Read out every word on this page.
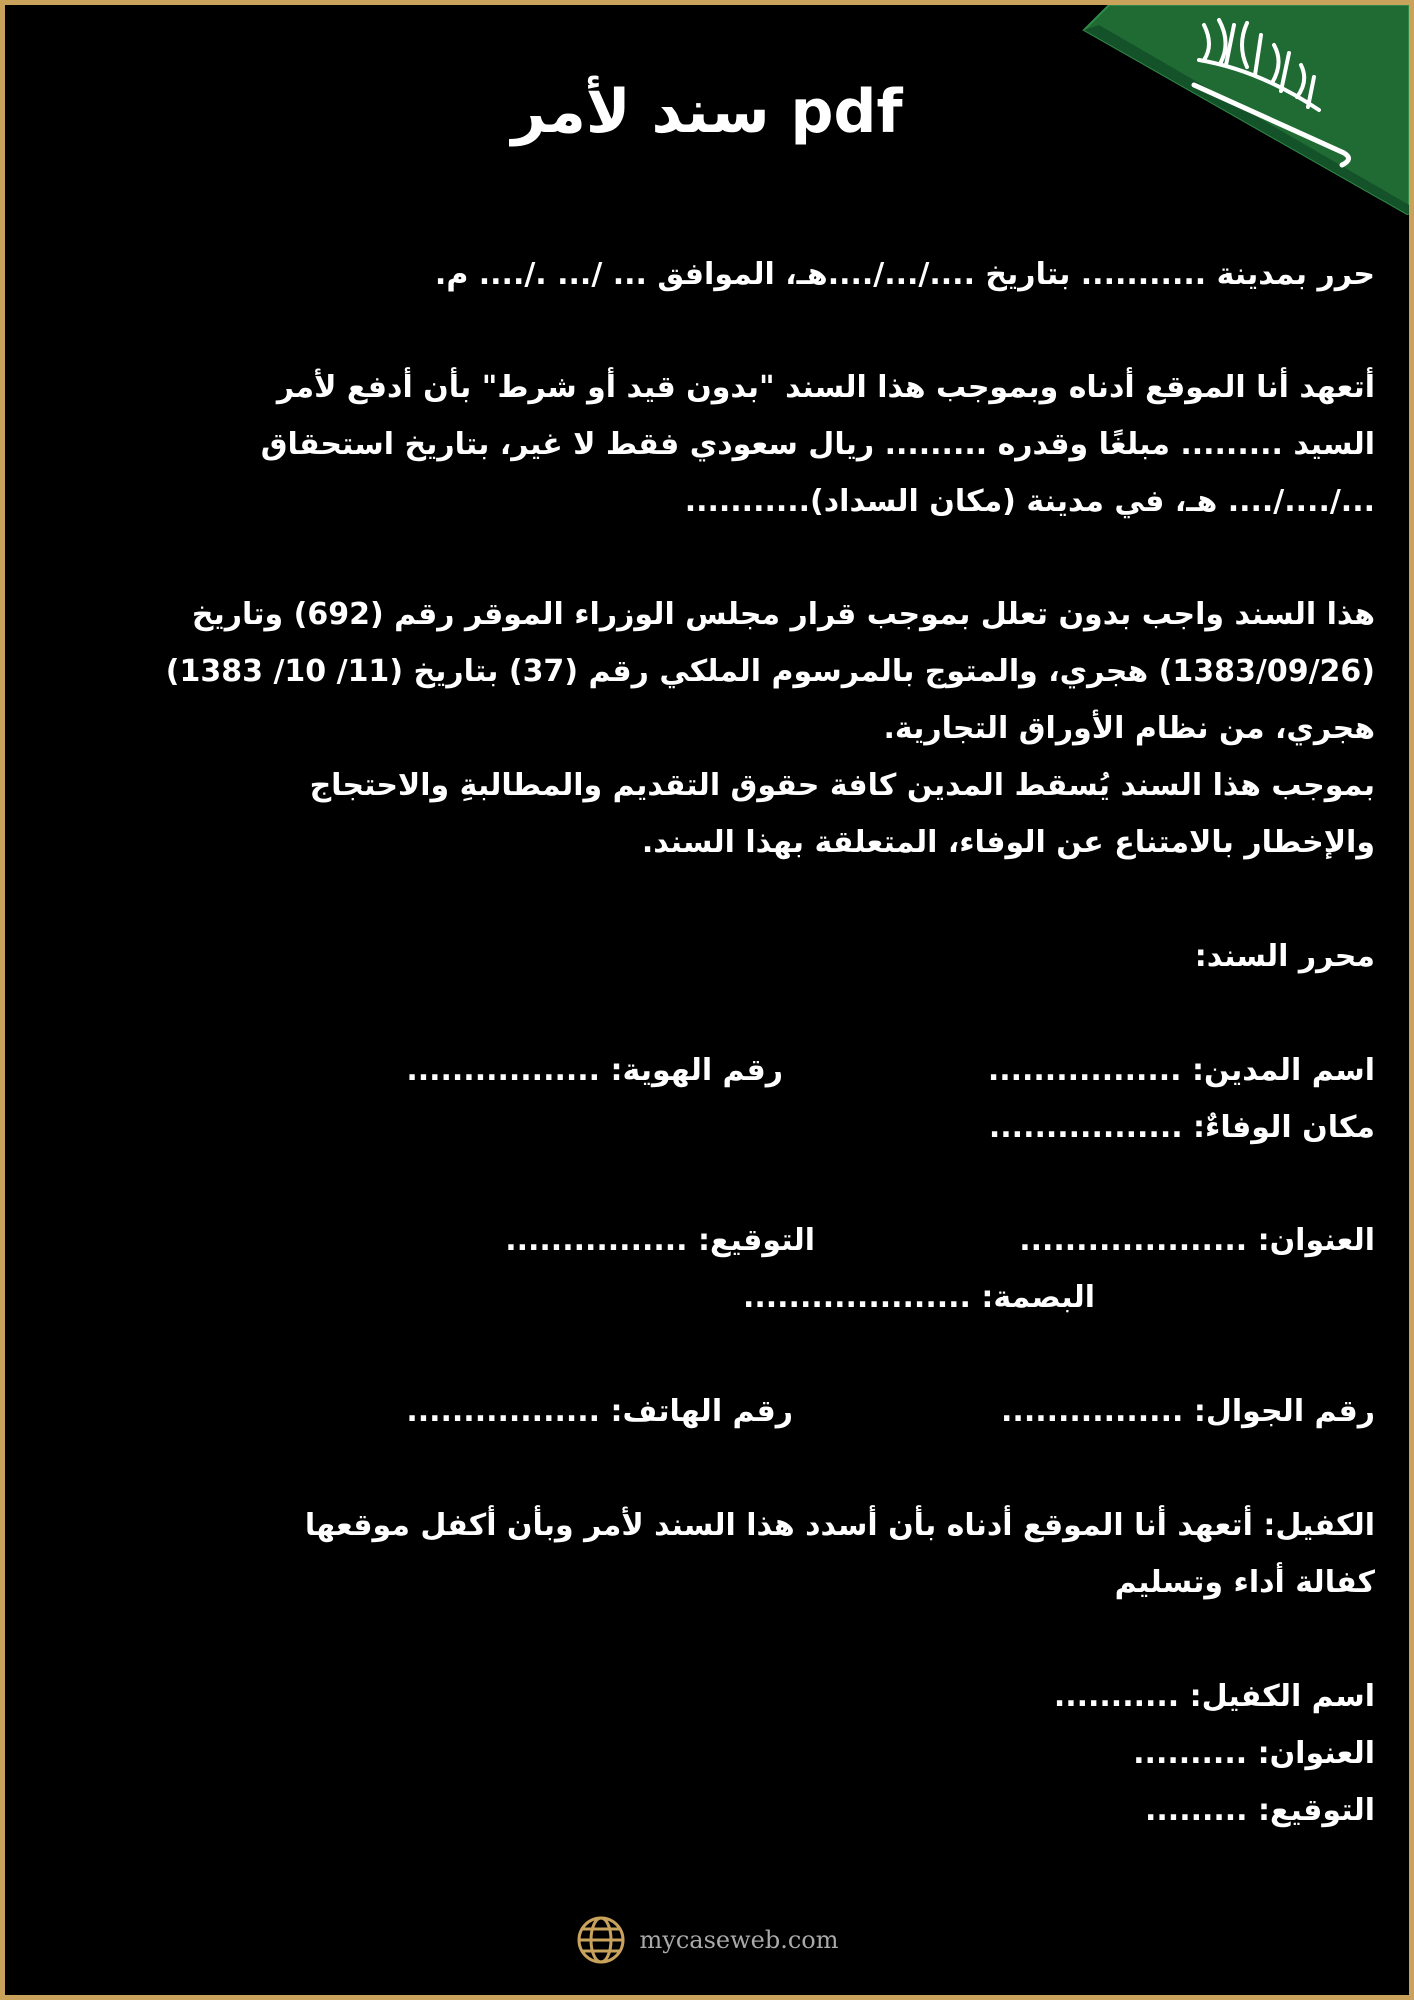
سند لأمر pdf
حرر بمدينة ........... بتاريخ ..../.../....هـ، الموافق ... /... ./.... م.
أتعهد أنا الموقع أدناه وبموجب هذا السند "بدون قيد أو شرط" بأن أدفع لأمر
السيد ......... مبلغًا وقدره ......... ريال سعودي فقط لا غير، بتاريخ استحقاق
.../..../.... هـ، في مدينة (مكان السداد)...........
هذا السند واجب بدون تعلل بموجب قرار مجلس الوزراء الموقر رقم (692) وتاريخ
(1383/09/26) هجري، والمتوج بالمرسوم الملكي رقم (37) بتاريخ (11/ 10/ 1383)
هجري، من نظام الأوراق التجارية.
بموجب هذا السند يُسقط المدين كافة حقوق التقديم والمطالبةِ والاحتجاج
والإخطار بالامتناع عن الوفاء، المتعلقة بهذا السند.
محرر السند:
اسم المدين: .................
رقم الهوية: .................
مكان الوفاءٌ: .................
العنوان: ....................
التوقيع: ................
البصمة: ....................
رقم الجوال: ................
رقم الهاتف: .................
الكفيل: أتعهد أنا الموقع أدناه بأن أسدد هذا السند لأمر وبأن أكفل موقعها
كفالة أداء وتسليم
اسم الكفيل: ...........
العنوان: ..........
التوقيع: .........
mycaseweb.com
